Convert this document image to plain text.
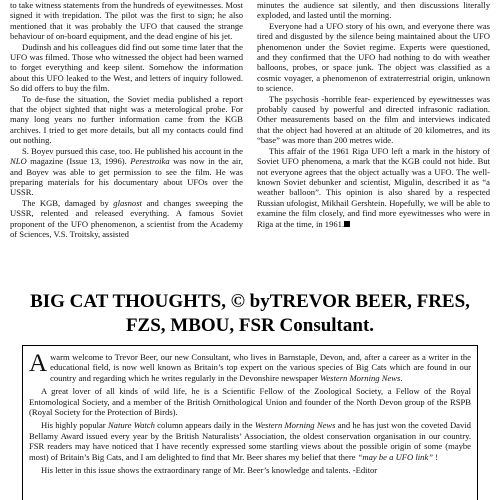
to take witness statements from the hundreds of eyewitnesses. Most signed it with trepidation. The pilot was the first to sign; he also mentioned that it was probably the UFO that caused the strange behaviour of on-board equipment, and the dead engine of his jet.

Dudinsh and his colleagues did find out some time later that the UFO was filmed. Those who witnessed the object had been warned to forget everything and keep silent. Somehow the information about this UFO leaked to the West, and letters of inquiry followed. So did offers to buy the film.

To de-fuse the situation, the Soviet media published a report that the object sighted that night was a meterological probe. For many long years no further information came from the KGB archives. I tried to get more details, but all my contacts could find out nothing.

S. Boyev pursued this case, too. He published his account in the NLO magazine (Issue 13, 1996). Perestroika was now in the air, and Boyev was able to get permission to see the film. He was preparing materials for his documentary about UFOs over the USSR.

The KGB, damaged by glasnost and changes sweeping the USSR, relented and released everything. A famous Soviet proponent of the UFO phenomenon, a scientist from the Academy of Sciences, V.S. Troitsky, assisted

minutes the audience sat silently, and then discussions literally exploded, and lasted until the morning.

Everyone had a UFO story of his own, and everyone there was tired and disgusted by the silence being maintained about the UFO phenomenon under the Soviet regime. Experts were questioned, and they confirmed that the UFO had nothing to do with weather balloons, probes, or space junk. The object was classified as a cosmic voyager, a phenomenon of extraterrestrial origin, unknown to science.

The psychosis -horrible fear- experienced by eyewitnesses was probably caused by powerful and directed infrasonic radiation. Other measurements based on the film and interviews indicated that the object had hovered at an altitude of 20 kilometres, and its “base” was more than 200 metres wide.

This affair of the 1961 Riga UFO left a mark in the history of Soviet UFO phenomena, a mark that the KGB could not hide. But not everyone agrees that the object actually was a UFO. The well-known Soviet debunker and scientist, Migulin, described it as “a weather balloon”. This opinion is also shared by a respected Russian ufologist, Mikhail Gershtein. Hopefully, we will be able to examine the film closely, and find more eyewitnesses who were in Riga at the time, in 1961.

BIG CAT THOUGHTS, © byTREVOR BEER, FRES,
FZS, MBOU, FSR Consultant.

Awarm welcome to Trevor Beer, our new Consultant, who lives in Barnstaple, Devon, and, after a career as a writer in the educational field, is now well known as Britain’s top expert on the various species of Big Cats which are found in our country and regarding which he writes regularly in the Devonshire newspaper Western Morning News.

A great lover of all kinds of wild life, he is a Scientific Fellow of the Zoological Society, a Fellow of the Royal Entomological Society, and a member of the British Ornithological Union and founder of the North Devon group of the RSPB (Royal Society for the Protection of Birds).

His highly popular Nature Watch column appears daily in the Western Morning News and he has just won the coveted David Bellamy Award issued every year by the British Naturalists’ Association, the oldest conservation organisation in our country. FSR readers may have noticed that I have recently expressed some startling views about the possible origin of some (maybe most) of Britain’s Big Cats, and I am delighted to find that Mr. Beer shares my belief that there “may be a UFO link” !

His letter in this issue shows the extraordinary range of Mr. Beer’s knowledge and talents. -Editor
